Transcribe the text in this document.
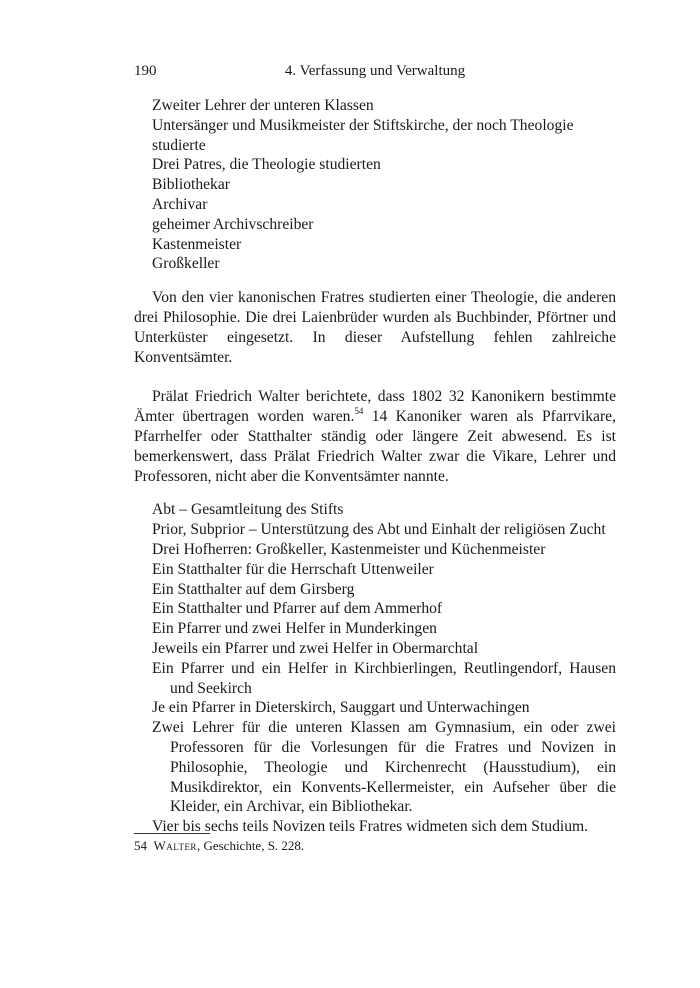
190	4. Verfassung und Verwaltung
Zweiter Lehrer der unteren Klassen
Untersänger und Musikmeister der Stiftskirche, der noch Theologie studierte
Drei Patres, die Theologie studierten
Bibliothekar
Archivar
geheimer Archivschreiber
Kastenmeister
Großkeller

Von den vier kanonischen Fratres studierten einer Theologie, die anderen drei Philosophie. Die drei Laienbrüder wurden als Buchbinder, Pförtner und Unterküster eingesetzt. In dieser Aufstellung fehlen zahlreiche Konventsämter.

Prälat Friedrich Walter berichtete, dass 1802 32 Kanonikern bestimmte Ämter übertragen worden waren.$^{54}$ 14 Kanoniker waren als Pfarrvikare, Pfarrhelfer oder Statthalter ständig oder längere Zeit abwesend. Es ist bemerkenswert, dass Prälat Friedrich Walter zwar die Vikare, Lehrer und Professoren, nicht aber die Konventsämter nannte.

Abt – Gesamtleitung des Stifts
Prior, Subprior – Unterstützung des Abt und Einhalt der religiösen Zucht
Drei Hofherren: Großkeller, Kastenmeister und Küchenmeister
Ein Statthalter für die Herrschaft Uttenweiler
Ein Statthalter auf dem Girsberg
Ein Statthalter und Pfarrer auf dem Ammerhof
Ein Pfarrer und zwei Helfer in Munderkingen
Jeweils ein Pfarrer und zwei Helfer in Obermarchtal
Ein Pfarrer und ein Helfer in Kirchbierlingen, Reutlingendorf, Hausen und Seekirch
Je ein Pfarrer in Dieterskirch, Sauggart und Unterwachingen
Zwei Lehrer für die unteren Klassen am Gymnasium, ein oder zwei Professoren für die Vorlesungen für die Fratres und Novizen in Philosophie, Theologie und Kirchenrecht (Hausstudium), ein Musikdirektor, ein Konvents-Kellermeister, ein Aufseher über die Kleider, ein Archivar, ein Bibliothekar.
Vier bis sechs teils Novizen teils Fratres widmeten sich dem Studium.
54 Walter, Geschichte, S. 228.
